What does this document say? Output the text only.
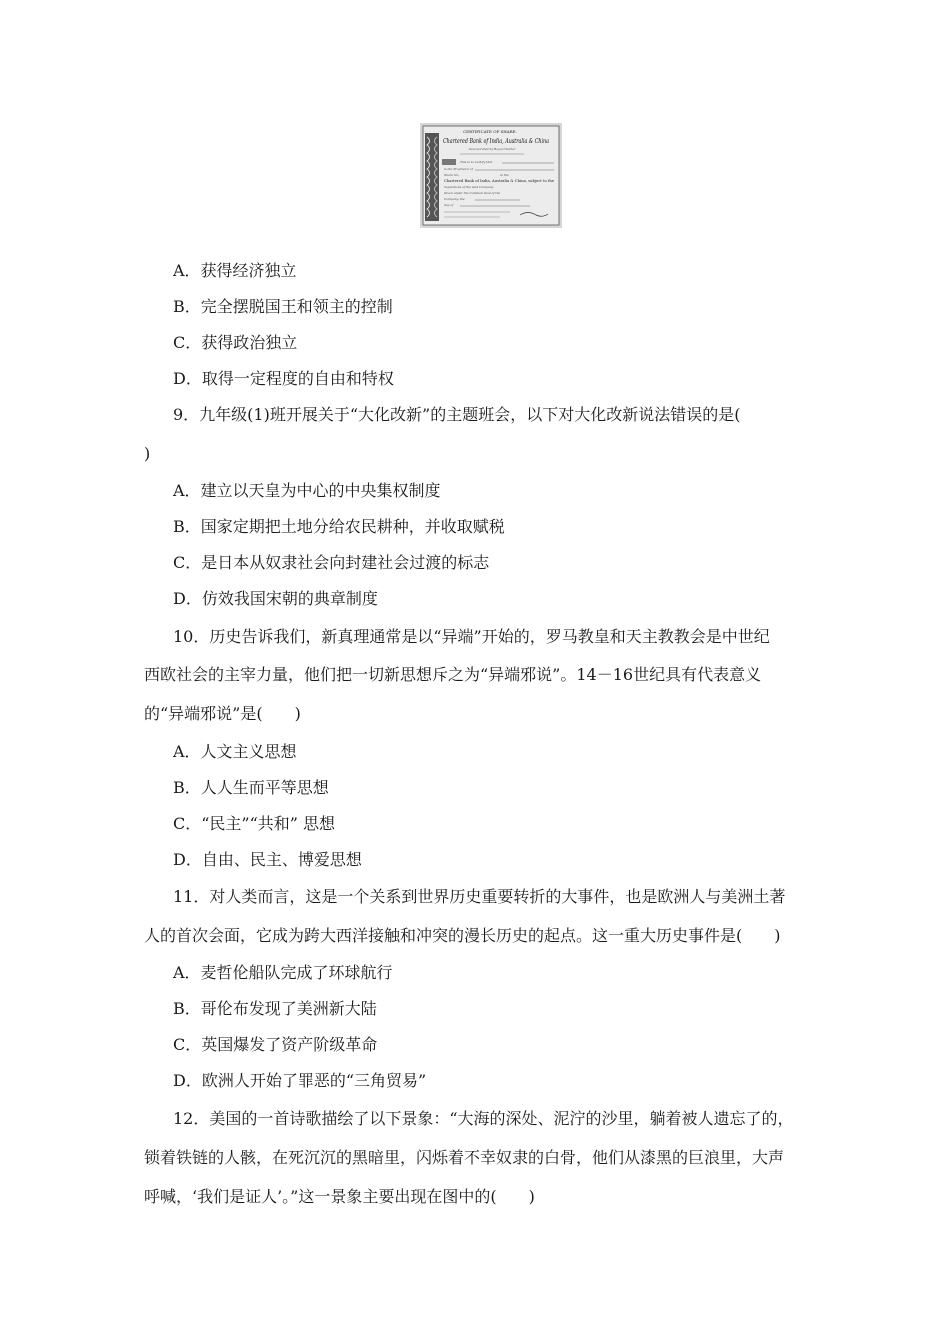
CERTIFICATE OF SHARE.
Chartered Bank of India, Australia & China
Incorporated by Royal Charter
This is to Certify that
is the Proprietor of
Share No.	in the
Chartered Bank of India, Australia & China, subject to the
regulations of the said Company
Given under the Common Seal of the
Company, the
day of
A．获得经济独立
B．完全摆脱国王和领主的控制
C．获得政治独立
D．取得一定程度的自由和特权
9．九年级(1)班开展关于“大化改新”的主题班会，以下对大化改新说法错误的是(
)
A．建立以天皇为中心的中央集权制度
B．国家定期把土地分给农民耕种，并收取赋税
C．是日本从奴隶社会向封建社会过渡的标志
D．仿效我国宋朝的典章制度
10．历史告诉我们，新真理通常是以“异端”开始的，罗马教皇和天主教教会是中世纪
西欧社会的主宰力量，他们把一切新思想斥之为“异端邪说”。14－16世纪具有代表意义
的“异端邪说”是(　　)
A．人文主义思想
B．人人生而平等思想
C．“民主”“共和” 思想
D．自由、民主、博爱思想
11．对人类而言，这是一个关系到世界历史重要转折的大事件，也是欧洲人与美洲土著
人的首次会面，它成为跨大西洋接触和冲突的漫长历史的起点。这一重大历史事件是(　　)
A．麦哲伦船队完成了环球航行
B．哥伦布发现了美洲新大陆
C．英国爆发了资产阶级革命
D．欧洲人开始了罪恶的“三角贸易”
12．美国的一首诗歌描绘了以下景象：“大海的深处、泥泞的沙里，躺着被人遗忘了的，
锁着铁链的人骸，在死沉沉的黑暗里，闪烁着不幸奴隶的白骨，他们从漆黑的巨浪里，大声
呼喊，‘我们是证人’。”这一景象主要出现在图中的(　　)
